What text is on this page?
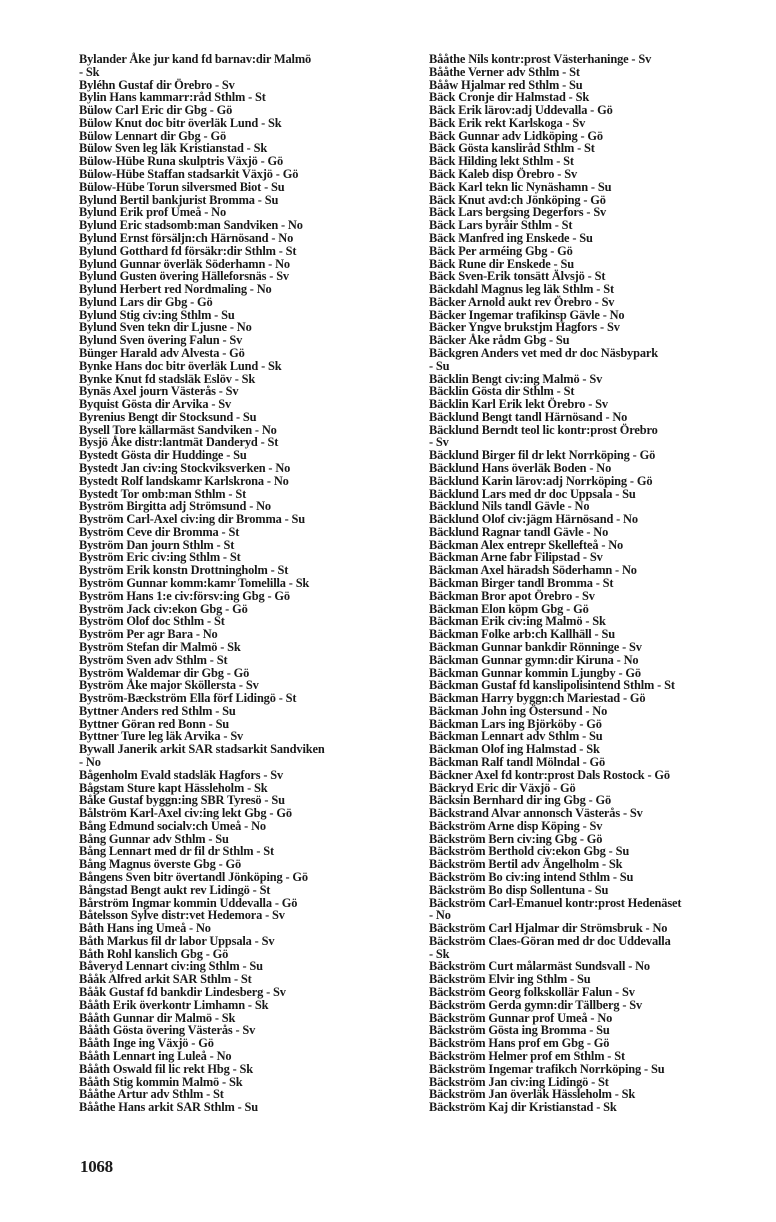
Bylander Åke jur kand fd barnav:dir Malmö
- Sk
Byléhn Gustaf dir Örebro - Sv
Bylin Hans kammarr:råd Sthlm - St
Bülow Carl Eric dir Gbg - Gö
Bülow Knut doc bitr överläk Lund - Sk
Bülow Lennart dir Gbg - Gö
Bülow Sven leg läk Kristianstad - Sk
Bülow-Hübe Runa skulptris Växjö - Gö
Bülow-Hübe Staffan stadsarkit Växjö - Gö
Bülow-Hübe Torun silversmed Biot - Su
Bylund Bertil bankjurist Bromma - Su
Bylund Erik prof Umeå - No
Bylund Eric stadsomb:man Sandviken - No
Bylund Ernst försäljn:ch Härnösand - No
Bylund Gotthard fd försäkr:dir Sthlm - St
Bylund Gunnar överläk Söderhamn - No
Bylund Gusten övering Hälleforsnäs - Sv
Bylund Herbert red Nordmaling - No
Bylund Lars dir Gbg - Gö
Bylund Stig civ:ing Sthlm - Su
Bylund Sven tekn dir Ljusne - No
Bylund Sven övering Falun - Sv
Bünger Harald adv Alvesta - Gö
Bynke Hans doc bitr överläk Lund - Sk
Bynke Knut fd stadsläk Eslöv - Sk
Bynäs Axel journ Västerås - Sv
Byquist Gösta dir Arvika - Sv
Byrenius Bengt dir Stocksund - Su
Bysell Tore källarmäst Sandviken - No
Bysjö Åke distr:lantmät Danderyd - St
Bystedt Gösta dir Huddinge - Su
Bystedt Jan civ:ing Stockviksverken - No
Bystedt Rolf landskamr Karlskrona - No
Bystedt Tor omb:man Sthlm - St
Byström Birgitta adj Strömsund - No
Byström Carl-Axel civ:ing dir Bromma - Su
Byström Ceve dir Bromma - St
Byström Dan journ Sthlm - St
Byström Eric civ:ing Sthlm - St
Byström Erik konstn Drottningholm - St
Byström Gunnar komm:kamr Tomelilla - Sk
Byström Hans 1:e civ:försv:ing Gbg - Gö
Byström Jack civ:ekon Gbg - Gö
Byström Olof doc Sthlm - St
Byström Per agr Bara - No
Byström Stefan dir Malmö - Sk
Byström Sven adv Sthlm - St
Byström Waldemar dir Gbg - Gö
Byström Åke major Sköllersta - Sv
Byström-Bæckström Ella förf Lidingö - St
Byttner Anders red Sthlm - Su
Byttner Göran red Bonn - Su
Byttner Ture leg läk Arvika - Sv
Bywall Janerik arkit SAR stadsarkit Sandviken
- No
Bågenholm Evald stadsläk Hagfors - Sv
Bågstam Sture kapt Hässleholm - Sk
Båke Gustaf byggn:ing SBR Tyresö - Su
Bålström Karl-Axel civ:ing lekt Gbg - Gö
Bång Edmund socialv:ch Umeå - No
Bång Gunnar adv Sthlm - Su
Bång Lennart med dr fil dr Sthlm - St
Bång Magnus överste Gbg - Gö
Bångens Sven bitr övertandl Jönköping - Gö
Bångstad Bengt aukt rev Lidingö - St
Bårström Ingmar kommin Uddevalla - Gö
Båtelsson Sylve distr:vet Hedemora - Sv
Båth Hans ing Umeå - No
Båth Markus fil dr labor Uppsala - Sv
Båth Rohl kanslich Gbg - Gö
Båveryd Lennart civ:ing Sthlm - Su
Bååk Alfred arkit SAR Sthlm - St
Bååk Gustaf fd bankdir Lindesberg - Sv
Bååth Erik överkontr Limhamn - Sk
Bååth Gunnar dir Malmö - Sk
Bååth Gösta övering Västerås - Sv
Bååth Inge ing Växjö - Gö
Bååth Lennart ing Luleå - No
Bååth Oswald fil lic rekt Hbg - Sk
Bååth Stig kommin Malmö - Sk
Bååthe Artur adv Sthlm - St
Bååthe Hans arkit SAR Sthlm - Su
Bååthe Nils kontr:prost Västerhaninge - Sv
Bååthe Verner adv Sthlm - St
Bååw Hjalmar red Sthlm - Su
Bäck Cronje dir Halmstad - Sk
Bäck Erik lärov:adj Uddevalla - Gö
Bäck Erik rekt Karlskoga - Sv
Bäck Gunnar adv Lidköping - Gö
Bäck Gösta kansliråd Sthlm - St
Bäck Hilding lekt Sthlm - St
Bäck Kaleb disp Örebro - Sv
Bäck Karl tekn lic Nynäshamn - Su
Bäck Knut avd:ch Jönköping - Gö
Bäck Lars bergsing Degerfors - Sv
Bäck Lars byråir Sthlm - St
Bäck Manfred ing Enskede - Su
Bäck Per arméing Gbg - Gö
Bäck Rune dir Enskede - Su
Bäck Sven-Erik tonsätt Älvsjö - St
Bäckdahl Magnus leg läk Sthlm - St
Bäcker Arnold aukt rev Örebro - Sv
Bäcker Ingemar trafikinsp Gävle - No
Bäcker Yngve brukstjm Hagfors - Sv
Bäcker Åke rådm Gbg - Su
Bäckgren Anders vet med dr doc Näsbypark
- Su
Bäcklin Bengt civ:ing Malmö - Sv
Bäcklin Gösta dir Sthlm - St
Bäcklin Karl Erik lekt Örebro - Sv
Bäcklund Bengt tandl Härnösand - No
Bäcklund Berndt teol lic kontr:prost Örebro
- Sv
Bäcklund Birger fil dr lekt Norrköping - Gö
Bäcklund Hans överläk Boden - No
Bäcklund Karin lärov:adj Norrköping - Gö
Bäcklund Lars med dr doc Uppsala - Su
Bäcklund Nils tandl Gävle - No
Bäcklund Olof civ:jägm Härnösand - No
Bäcklund Ragnar tandl Gävle - No
Bäckman Alex entrepr Skellefteå - No
Bäckman Arne fabr Filipstad - Sv
Bäckman Axel häradsh Söderhamn - No
Bäckman Birger tandl Bromma - St
Bäckman Bror apot Örebro - Sv
Bäckman Elon köpm Gbg - Gö
Bäckman Erik civ:ing Malmö - Sk
Bäckman Folke arb:ch Kallhäll - Su
Bäckman Gunnar bankdir Rönninge - Sv
Bäckman Gunnar gymn:dir Kiruna - No
Bäckman Gunnar kommin Ljungby - Gö
Bäckman Gustaf fd kanslipolisintend Sthlm - St
Bäckman Harry byggn:ch Mariestad - Gö
Bäckman John ing Östersund - No
Bäckman Lars ing Björköby - Gö
Bäckman Lennart adv Sthlm - Su
Bäckman Olof ing Halmstad - Sk
Bäckman Ralf tandl Mölndal - Gö
Bäckner Axel fd kontr:prost Dals Rostock - Gö
Bäckryd Eric dir Växjö - Gö
Bäcksin Bernhard dir ing Gbg - Gö
Bäckstrand Alvar annonsch Västerås - Sv
Bäckström Arne disp Köping - Sv
Bäckström Bern civ:ing Gbg - Gö
Bäckström Berthold civ:ekon Gbg - Su
Bäckström Bertil adv Ängelholm - Sk
Bäckström Bo civ:ing intend Sthlm - Su
Bäckström Bo disp Sollentuna - Su
Bäckström Carl-Emanuel kontr:prost Hedenäset
- No
Bäckström Carl Hjalmar dir Strömsbruk - No
Bäckström Claes-Göran med dr doc Uddevalla
- Sk
Bäckström Curt målarmäst Sundsvall - No
Bäckström Elvir ing Sthlm - Su
Bäckström Georg folkskollär Falun - Sv
Bäckström Gerda gymn:dir Tällberg - Sv
Bäckström Gunnar prof Umeå - No
Bäckström Gösta ing Bromma - Su
Bäckström Hans prof em Gbg - Gö
Bäckström Helmer prof em Sthlm - St
Bäckström Ingemar trafikch Norrköping - Su
Bäckström Jan civ:ing Lidingö - St
Bäckström Jan överläk Hässleholm - Sk
Bäckström Kaj dir Kristianstad - Sk
1068
